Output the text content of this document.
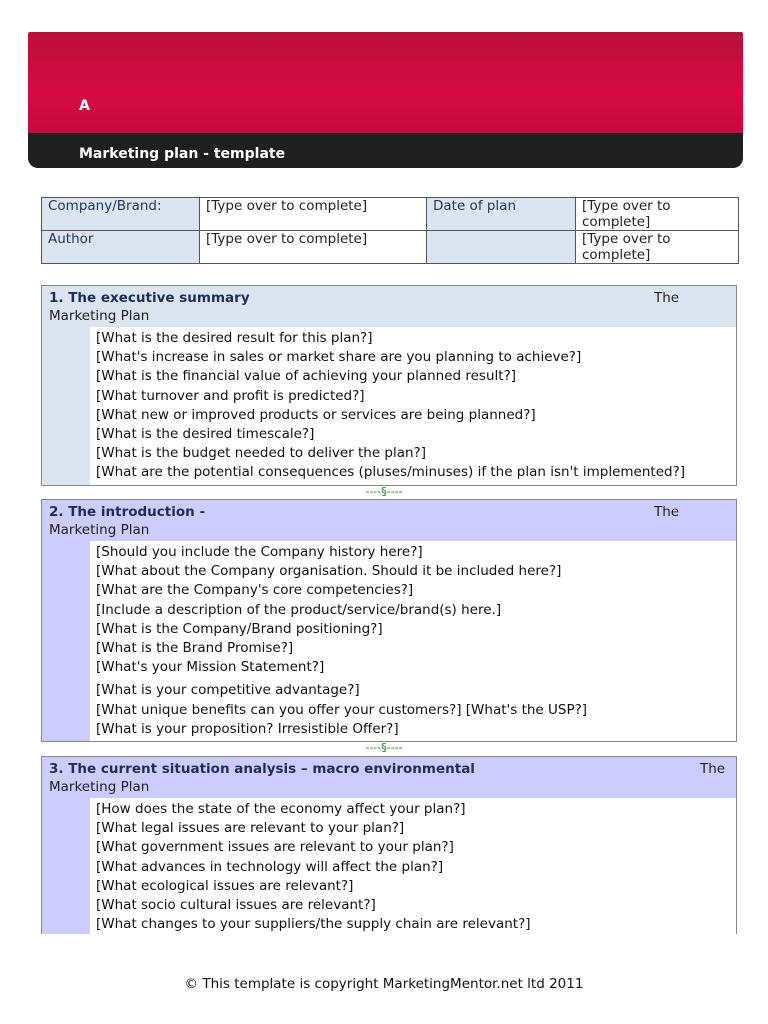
A
Marketing plan - template
Company/Brand:	[Type over to complete]	Date of plan	[Type over to complete]
Author	[Type over to complete]		[Type over to complete]
1. The executive summary	The
Marketing Plan
[What is the desired result for this plan?]
[What's increase in sales or market share are you planning to achieve?]
[What is the financial value of achieving your planned result?]
[What turnover and profit is predicted?]
[What new or improved products or services are being planned?]
[What is the desired timescale?]
[What is the budget needed to deliver the plan?]
[What are the potential consequences (pluses/minuses) if the plan isn't implemented?]
----§----
2. The introduction -	The
Marketing Plan
[Should you include the Company history here?]
[What about the Company organisation. Should it be included here?]
[What are the Company's core competencies?]
[Include a description of the product/service/brand(s) here.]
[What is the Company/Brand positioning?]
[What is the Brand Promise?]
[What's your Mission Statement?]
[What is your competitive advantage?]
[What unique benefits can you offer your customers?] [What's the USP?]
[What is your proposition? Irresistible Offer?]
----§----
3. The current situation analysis – macro environmental	The
Marketing Plan
[How does the state of the economy affect your plan?]
[What legal issues are relevant to your plan?]
[What government issues are relevant to your plan?]
[What advances in technology will affect the plan?]
[What ecological issues are relevant?]
[What socio cultural issues are relevant?]
[What changes to your suppliers/the supply chain are relevant?]
© This template is copyright MarketingMentor.net ltd 2011
